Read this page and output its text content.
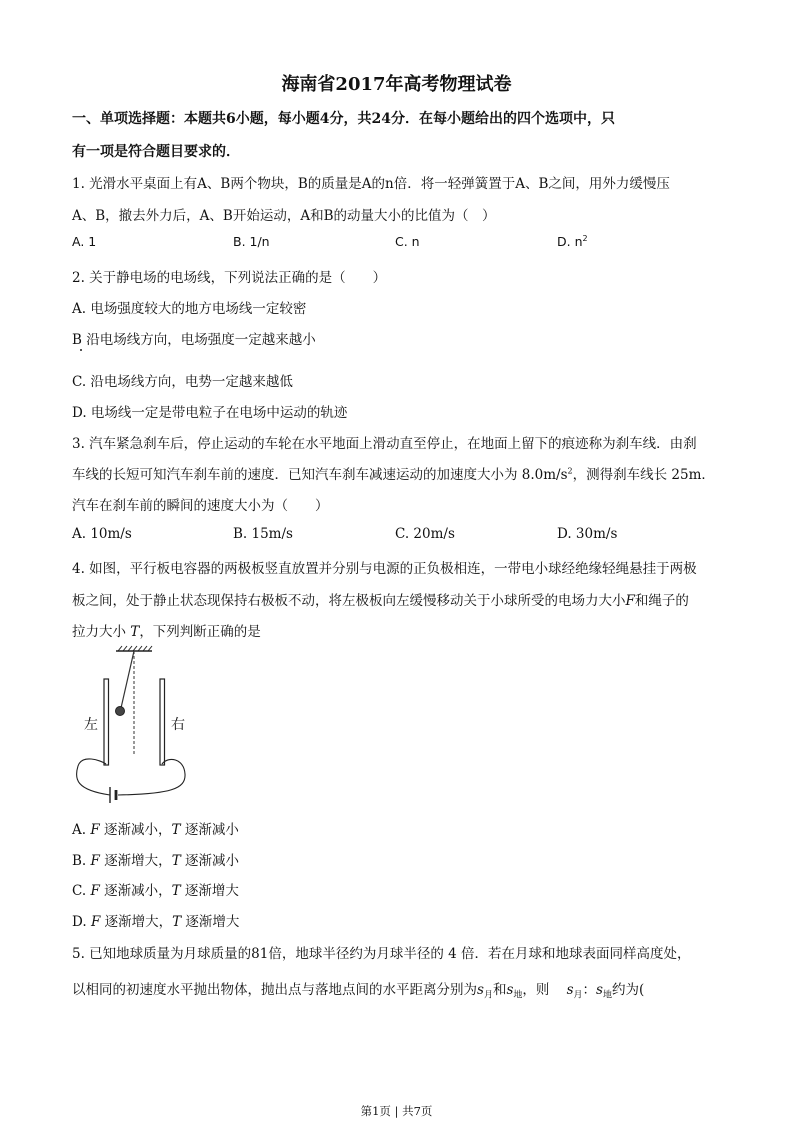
海南省2017年高考物理试卷
一、单项选择题：本题共6小题，每小题4分，共24分．在每小题给出的四个选项中，只
有一项是符合题目要求的．
1. 光滑水平桌面上有A、B两个物块，B的质量是A的n倍．将一轻弹簧置于A、B之间，用外力缓慢压
A、B，撤去外力后，A、B开始运动，A和B的动量大小的比值为（　）
A. 1	B. 1/n	C. n	D. $n^2$
2. 关于静电场的电场线，下列说法正确的是（　　）
A. 电场强度较大的地方电场线一定较密
B 沿电场线方向，电场强度一定越来越小
C. 沿电场线方向，电势一定越来越低
D. 电场线一定是带电粒子在电场中运动的轨迹
3. 汽车紧急刹车后，停止运动的车轮在水平地面上滑动直至停止，在地面上留下的痕迹称为刹车线．由刹
车线的长短可知汽车刹车前的速度．已知汽车刹车减速运动的加速度大小为 $8.0m/s^2$，测得刹车线长 25m．
汽车在刹车前的瞬间的速度大小为（　　）
A. 10m/s	B. 15m/s	C. 20m/s	D. 30m/s
4. 如图，平行板电容器的两极板竖直放置并分别与电源的正负极相连，一带电小球经绝缘轻绳悬挂于两极
板之间，处于静止状态现保持右极板不动，将左极板向左缓慢移动关于小球所受的电场力大小F和绳子的
拉力大小 T，下列判断正确的是
左	右
A. F 逐渐减小，T 逐渐减小
B. F 逐渐增大，T 逐渐减小
C. F 逐渐减小，T 逐渐增大
D. F 逐渐增大，T 逐渐增大
5. 已知地球质量为月球质量的81倍，地球半径约为月球半径的 4 倍．若在月球和地球表面同样高度处，
以相同的初速度水平抛出物体，抛出点与落地点间的水平距离分别为$s_月$和$s_地$，则 $s_月$：$s_地$约为(
第1页 | 共7页
